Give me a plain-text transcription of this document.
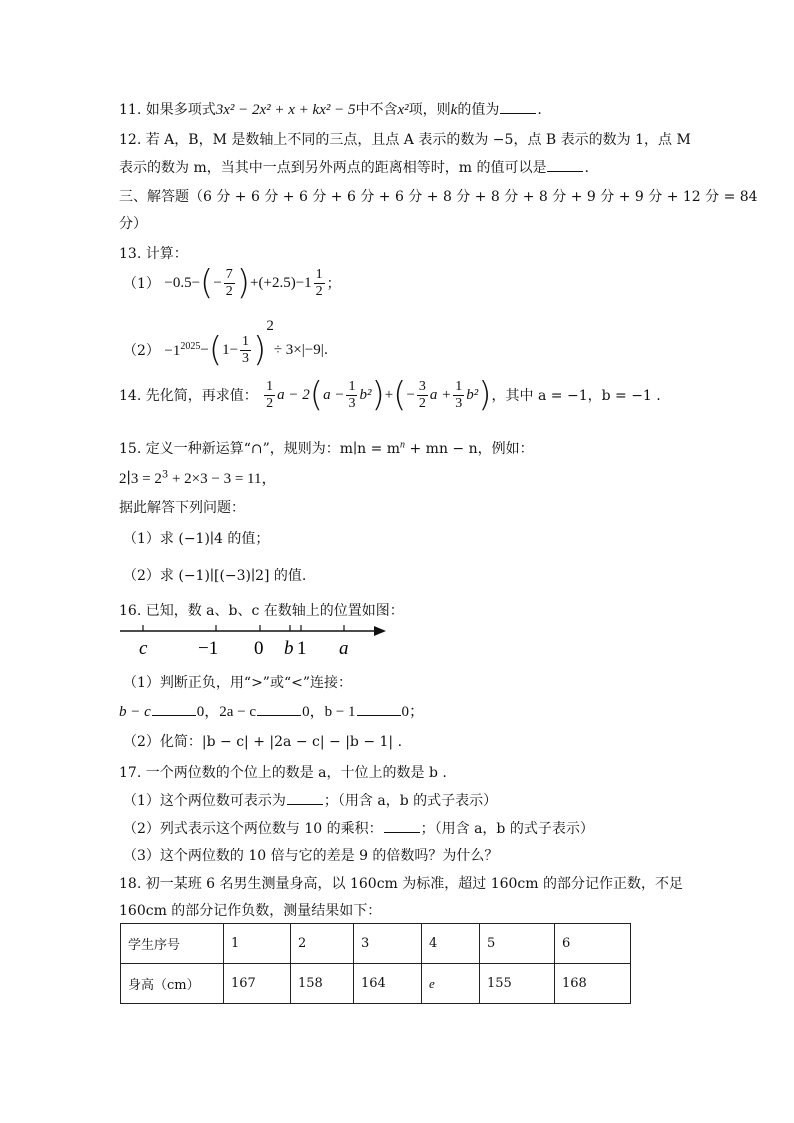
11. 如果多项式3x² − 2x² + x + kx² − 5中不含x²项，则k的值为	.
12. 若 A，B，M 是数轴上不同的三点，且点 A 表示的数为 −5，点 B 表示的数为 1，点 M
表示的数为 m，当其中一点到另外两点的距离相等时，m 的值可以是	.
三、解答题（6 分 + 6 分 + 6 分 + 6 分 + 6 分 + 8 分 + 8 分 + 8 分 + 9 分 + 9 分 + 12 分 = 84
分）
13. 计算：
$(1) -0.5-(- \frac{7}{2} )+(+2.5)-1 \frac{1}{2}$ ；
$(2) -1^{2025}-(1- \frac{1}{3} )^2\div 3\times|-9|$.
14. 先化简，再求值： $\frac{1}{2}$ $a - 2(a - \frac{1}{3} b^2)+(- \frac{3}{2}$ $a + \frac{1}{3} b^2$)，其中 a = −1，b = −1 .
15. 定义一种新运算“∩”，规则为：m∣n = $m^n$ + mn − n，例如：
2∣3 = $2^3 + 2\times 3 - 3 = 11$，
据此解答下列问题：
（1）求 (−1)∣4 的值；
（2）求 (−1)∣[(−3)∣2] 的值.
16. 已知，数 a、b、c 在数轴上的位置如图：
c	−1 0 b 1 a
（1）判断正负，用“>”或“<”连接：
b − c	0，2a − c	0，b − 1	0；
（2）化简：|b − c| + |2a − c| − |b − 1| .
17. 一个两位数的个位上的数是 a，十位上的数是 b .
（1）这个两位数可表示为	；（用含 a，b 的式子表示）
（2）列式表示这个两位数与 10 的乘积：	；（用含 a，b 的式子表示）
（3）这个两位数的 10 倍与它的差是 9 的倍数吗？为什么？
18. 初一某班 6 名男生测量身高，以 160cm 为标准，超过 160cm 的部分记作正数，不足
160cm 的部分记作负数，测量结果如下：
学生序号	1	2	3	4	5	6
身高（cm）	167	158	164	e	155	168
